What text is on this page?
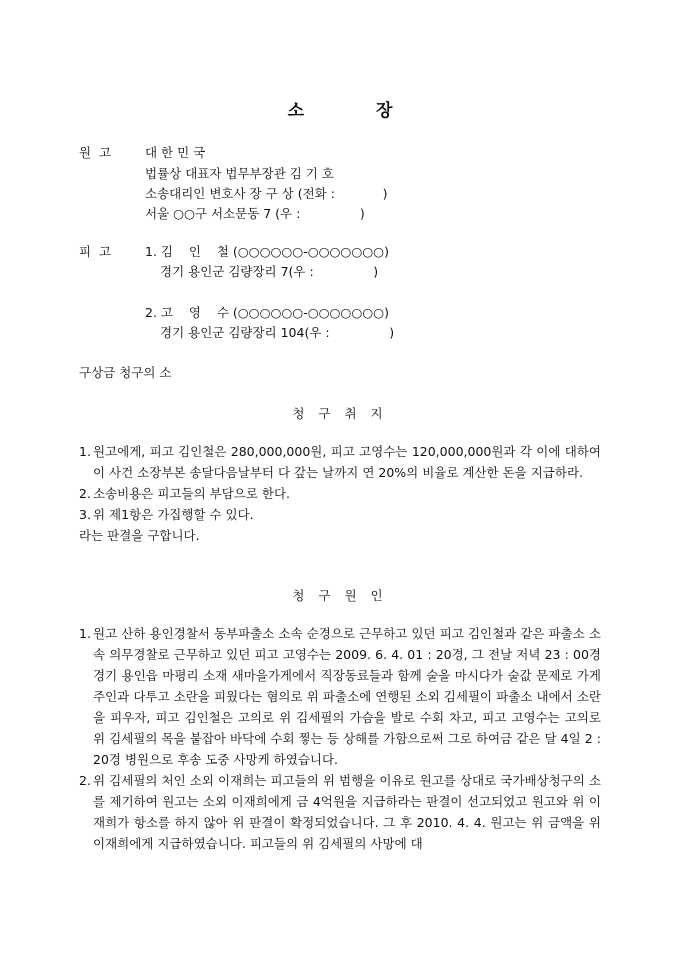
소	장
원  고	대 한 민 국
법률상 대표자 법무부장관 김 기 호
소송대리인 변호사 장 구 상 (전화 :            )
서울 ○○구 서소문동 7 (우 :               )
피  고	1. 김    인    철 (○○○○○○-○○○○○○○)
경기 용인군 김량장리 7(우 :               )
2. 고    영    수 (○○○○○○-○○○○○○○)
경기 용인군 김량장리 104(우 :               )
구상금 청구의 소
청 구 취 지
1. 원고에게, 피고 김인철은 280,000,000원, 피고 고영수는 120,000,000원과 각 이에 대하여 이 사건 소장부본 송달다음날부터 다 갚는 날까지 연 20%의 비율로 계산한 돈을 지급하라.
2. 소송비용은 피고들의 부담으로 한다.
3. 위 제1항은 가집행할 수 있다.
라는 판결을 구합니다.
청 구 원 인
1. 원고 산하 용인경찰서 동부파출소 소속 순경으로 근무하고 있던 피고 김인철과 같은 파출소 소속 의무경찰로 근무하고 있던 피고 고영수는 2009. 6. 4. 01 : 20경, 그 전날 저녁 23 : 00경 경기 용인읍 마평리 소재 새마을가게에서 직장동료들과 함께 술을 마시다가 술값 문제로 가게주인과 다투고 소란을 피웠다는 혐의로 위 파출소에 연행된 소외 김세필이 파출소 내에서 소란을 피우자, 피고 김인철은 고의로 위 김세필의 가슴을 발로 수회 차고, 피고 고영수는 고의로 위 김세필의 목을 붙잡아 바닥에 수회 찧는 등 상해를 가함으로써 그로 하여금 같은 달 4일 2 : 20경 병원으로 후송 도중 사망케 하였습니다.
2. 위 김세필의 처인 소외 이재희는 피고들의 위 범행을 이유로 원고를 상대로 국가배상청구의 소를 제기하여 원고는 소외 이재희에게 금 4억원을 지급하라는 판결이 선고되었고 원고와 위 이재희가 항소를 하지 않아 위 판결이 확정되었습니다. 그 후 2010. 4. 4. 원고는 위 금액을 위 이재희에게 지급하였습니다. 피고들의 위 김세필의 사망에 대
